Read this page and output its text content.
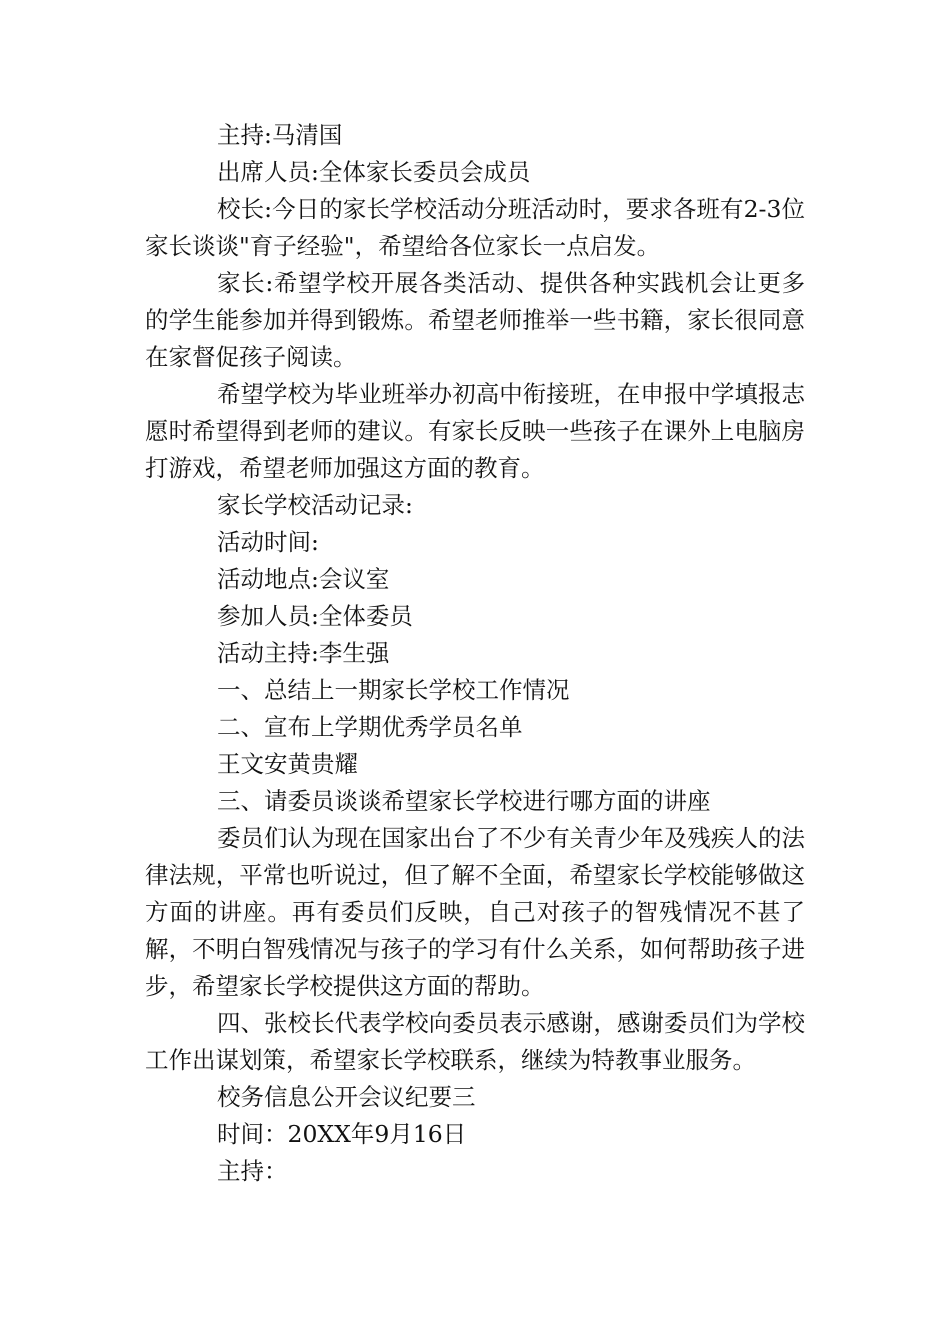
主持:马清国

出席人员:全体家长委员会成员

校长:今日的家长学校活动分班活动时，要求各班有2-3位家长谈谈"育子经验"，希望给各位家长一点启发。

家长:希望学校开展各类活动、提供各种实践机会让更多的学生能参加并得到锻炼。希望老师推举一些书籍，家长很同意在家督促孩子阅读。

希望学校为毕业班举办初高中衔接班，在申报中学填报志愿时希望得到老师的建议。有家长反映一些孩子在课外上电脑房打游戏，希望老师加强这方面的教育。

家长学校活动记录:

活动时间:

活动地点:会议室

参加人员:全体委员

活动主持:李生强

一、总结上一期家长学校工作情况

二、宣布上学期优秀学员名单

王文安黄贵耀

三、请委员谈谈希望家长学校进行哪方面的讲座

委员们认为现在国家出台了不少有关青少年及残疾人的法律法规，平常也听说过，但了解不全面，希望家长学校能够做这方面的讲座。再有委员们反映，自己对孩子的智残情况不甚了解，不明白智残情况与孩子的学习有什么关系，如何帮助孩子进步，希望家长学校提供这方面的帮助。

四、张校长代表学校向委员表示感谢，感谢委员们为学校工作出谋划策，希望家长学校联系，继续为特教事业服务。

校务信息公开会议纪要三

时间：20XX年9月16日

主持：
